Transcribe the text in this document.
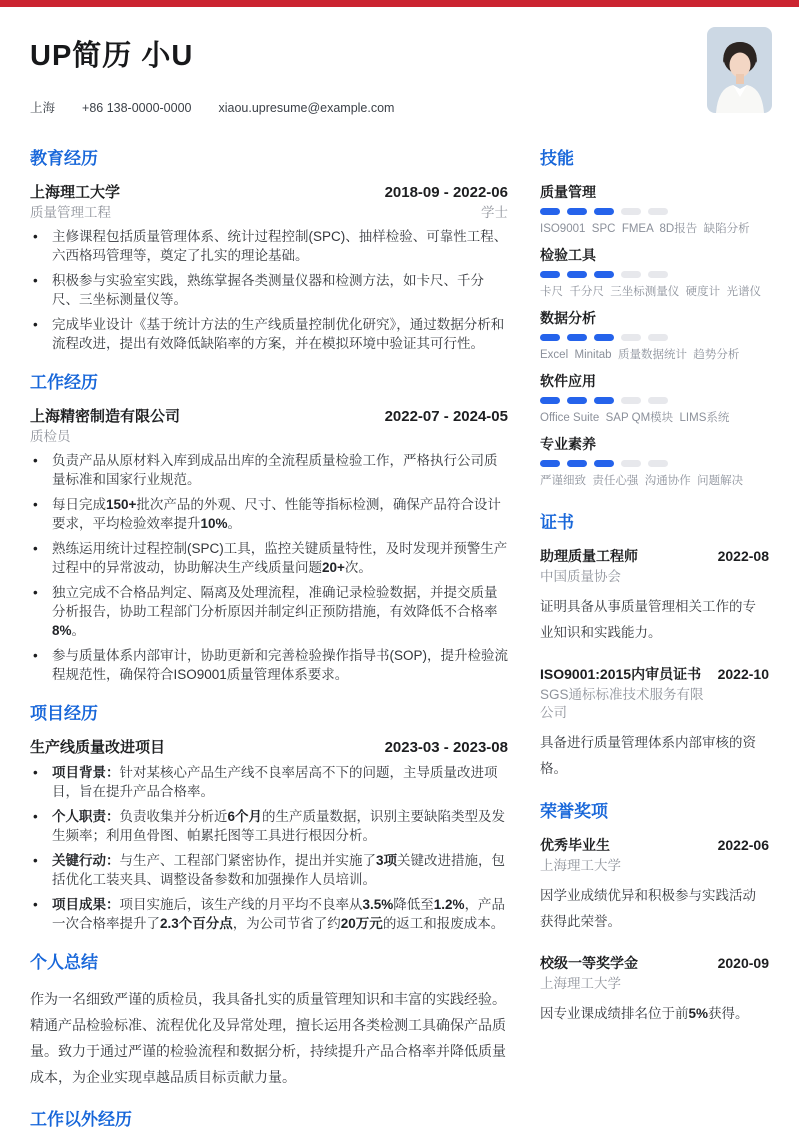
UP简历 小U
上海 +86 138-0000-0000 xiaou.upresume@example.com
教育经历
上海理工大学	2018-09 - 2022-06
质量管理工程	学士
•	主修课程包括质量管理体系、统计过程控制(SPC)、抽样检验、可靠性工程、六西格玛管理等，奠定了扎实的理论基础。
•	积极参与实验室实践，熟练掌握各类测量仪器和检测方法，如卡尺、千分尺、三坐标测量仪等。
•	完成毕业设计《基于统计方法的生产线质量控制优化研究》，通过数据分析和流程改进，提出有效降低缺陷率的方案，并在模拟环境中验证其可行性。
工作经历
上海精密制造有限公司	2022-07 - 2024-05
质检员
•	负责产品从原材料入库到成品出库的全流程质量检验工作，严格执行公司质量标准和国家行业规范。
•	每日完成150+批次产品的外观、尺寸、性能等指标检测，确保产品符合设计要求，平均检验效率提升10%。
•	熟练运用统计过程控制(SPC)工具，监控关键质量特性，及时发现并预警生产过程中的异常波动，协助解决生产线质量问题20+次。
•	独立完成不合格品判定、隔离及处理流程，准确记录检验数据，并提交质量分析报告，协助工程部门分析原因并制定纠正预防措施，有效降低不合格率8%。
•	参与质量体系内部审计，协助更新和完善检验操作指导书(SOP)，提升检验流程规范性，确保符合ISO9001质量管理体系要求。
项目经历
生产线质量改进项目	2023-03 - 2023-08
•	项目背景：针对某核心产品生产线不良率居高不下的问题，主导质量改进项目，旨在提升产品合格率。
•	个人职责：负责收集并分析近6个月的生产质量数据，识别主要缺陷类型及发生频率；利用鱼骨图、帕累托图等工具进行根因分析。
•	关键行动：与生产、工程部门紧密协作，提出并实施了3项关键改进措施，包括优化工装夹具、调整设备参数和加强操作人员培训。
•	项目成果：项目实施后，该生产线的月平均不良率从3.5%降低至1.2%，产品一次合格率提升了2.3个百分点，为公司节省了约20万元的返工和报废成本。
个人总结

作为一名细致严谨的质检员，我具备扎实的质量管理知识和丰富的实践经验。精通产品检验标准、流程优化及异常处理，擅长运用各类检测工具确保产品质量。致力于通过严谨的检验流程和数据分析，持续提升产品合格率并降低质量成本，为企业实现卓越品质目标贡献力量。

工作以外经历
技能
质量管理
ISO9001  SPC  FMEA  8D报告  缺陷分析
检验工具
卡尺  千分尺  三坐标测量仪  硬度计  光谱仪
数据分析
Excel  Minitab  质量数据统计  趋势分析
软件应用
Office Suite  SAP QM模块  LIMS系统
专业素养
严谨细致  责任心强  沟通协作  问题解决
证书
助理质量工程师
中国质量协会
2022-08

证明具备从事质量管理相关工作的专业知识和实践能力。

ISO9001:2015内审员证书
SGS通标标准技术服务有限公司
2022-10

具备进行质量管理体系内部审核的资格。

荣誉奖项
优秀毕业生
上海理工大学
2022-06

因学业成绩优异和积极参与实践活动获得此荣誉。

校级一等奖学金
上海理工大学
2020-09

因专业课成绩排名位于前5%获得。
